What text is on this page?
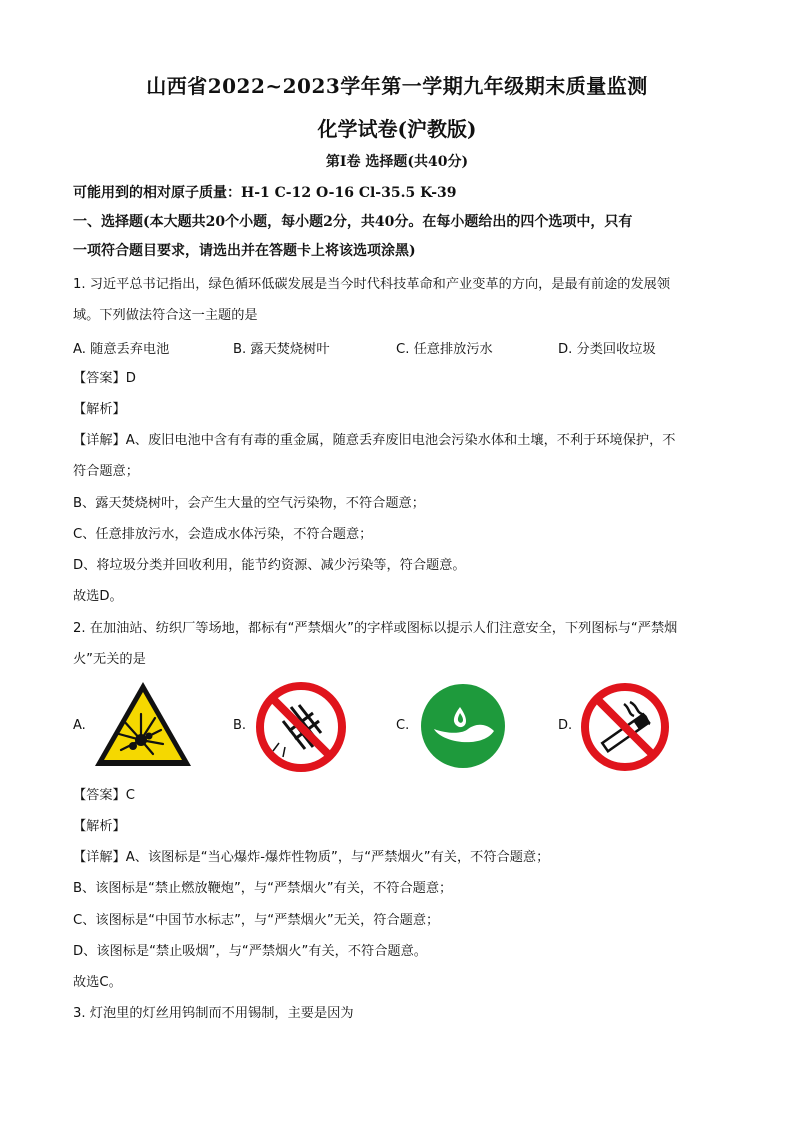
山西省2022~2023学年第一学期九年级期末质量监测
化学试卷(沪教版)
第Ⅰ卷 选择题(共40分)
可能用到的相对原子质量：H-1 C-12 O-16 Cl-35.5 K-39
一、选择题(本大题共20个小题，每小题2分，共40分。在每小题给出的四个选项中，只有
一项符合题目要求，请选出并在答题卡上将该选项涂黑)
1. 习近平总书记指出，绿色循环低碳发展是当今时代科技革命和产业变革的方向，是最有前途的发展领
域。下列做法符合这一主题的是
A. 随意丢弃电池	B. 露天焚烧树叶	C. 任意排放污水	D. 分类回收垃圾
【答案】D
【解析】
【详解】A、废旧电池中含有有毒的重金属，随意丢弃废旧电池会污染水体和土壤，不利于环境保护，不
符合题意；
B、露天焚烧树叶，会产生大量的空气污染物，不符合题意；
C、任意排放污水，会造成水体污染，不符合题意；
D、将垃圾分类并回收利用，能节约资源、减少污染等，符合题意。
故选D。
2. 在加油站、纺织厂等场地，都标有“严禁烟火”的字样或图标以提示人们注意安全，下列图标与“严禁烟
火”无关的是
A.	B.	C.	D.
【答案】C
【解析】
【详解】A、该图标是“当心爆炸-爆炸性物质”，与“严禁烟火”有关，不符合题意；
B、该图标是“禁止燃放鞭炮”，与“严禁烟火”有关，不符合题意；
C、该图标是“中国节水标志”，与“严禁烟火”无关，符合题意；
D、该图标是“禁止吸烟”，与“严禁烟火”有关，不符合题意。
故选C。
3. 灯泡里的灯丝用钨制而不用锡制，主要是因为
